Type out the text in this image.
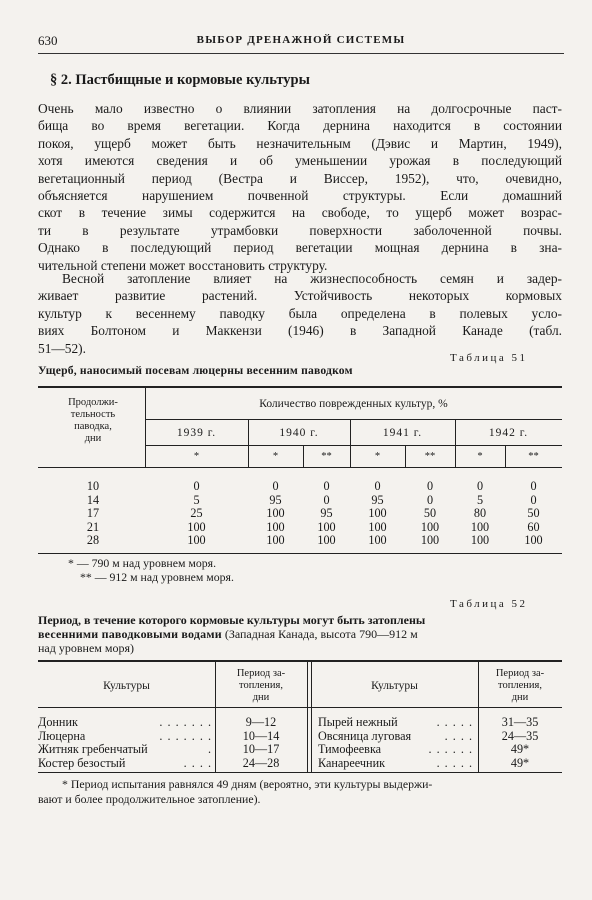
630	ВЫБОР ДРЕНАЖНОЙ СИСТЕМЫ
§ 2. Пастбищные и кормовые культуры
Очень мало известно о влиянии затопления на долгосрочные паст-
бища во время вегетации. Когда дернина находится в состоянии
покоя, ущерб может быть незначительным (Дэвис и Мартин, 1949),
хотя имеются сведения и об уменьшении урожая в последующий
вегетационный период (Вестра и Виссер, 1952), что, очевидно,
объясняется нарушением почвенной структуры. Если домашний
скот в течение зимы содержится на свободе, то ущерб может возрас-
ти в результате утрамбовки поверхности заболоченной почвы.
Однако в последующий период вегетации мощная дернина в зна-
чительной степени может восстановить структуру.
Весной затопление влияет на жизнеспособность семян и задер-
живает развитие растений. Устойчивость некоторых кормовых
культур к весеннему паводку была определена в полевых усло-
виях Болтоном и Маккензи (1946) в Западной Канаде (табл.
51—52).
Таблица 51
Ущерб, наносимый посевам люцерны весенним паводком
Продолжи-
тельность
паводка,
дни
Количество поврежденных культур, %
1939 г.	1940 г.	1941 г.	1942 г.
*	*	**	*	**	*	**
10	0	0	0	0	0	0	0
14	5	95	0	95	0	5	0
17	25	100	95	100	50	80	50
21	100	100	100	100	100	100	60
28	100	100	100	100	100	100	100
* — 790 м над уровнем моря.
** — 912 м над уровнем моря.
Таблица 52
Период, в течение которого кормовые культуры могут быть затоплены
весенними паводковыми водами (Западная Канада, высота 790—912 м
над уровнем моря)
Культуры
Период за-
топления,
дни
Культуры
Период за-
топления,
дни
Донник	. . . . . . .	9—12
Люцерна	. . . . . . .	10—14
Житняк гребенчатый	.	10—17
Костер безостый	. . . .	24—28
Пырей нежный	. . . . .	31—35
Овсяница луговая	. . . .	24—35
Тимофеевка	. . . . . .	49*
Канареечник	. . . . .	49*
* Период испытания равнялся 49 дням (вероятно, эти культуры выдержи-
вают и более продолжительное затопление).
